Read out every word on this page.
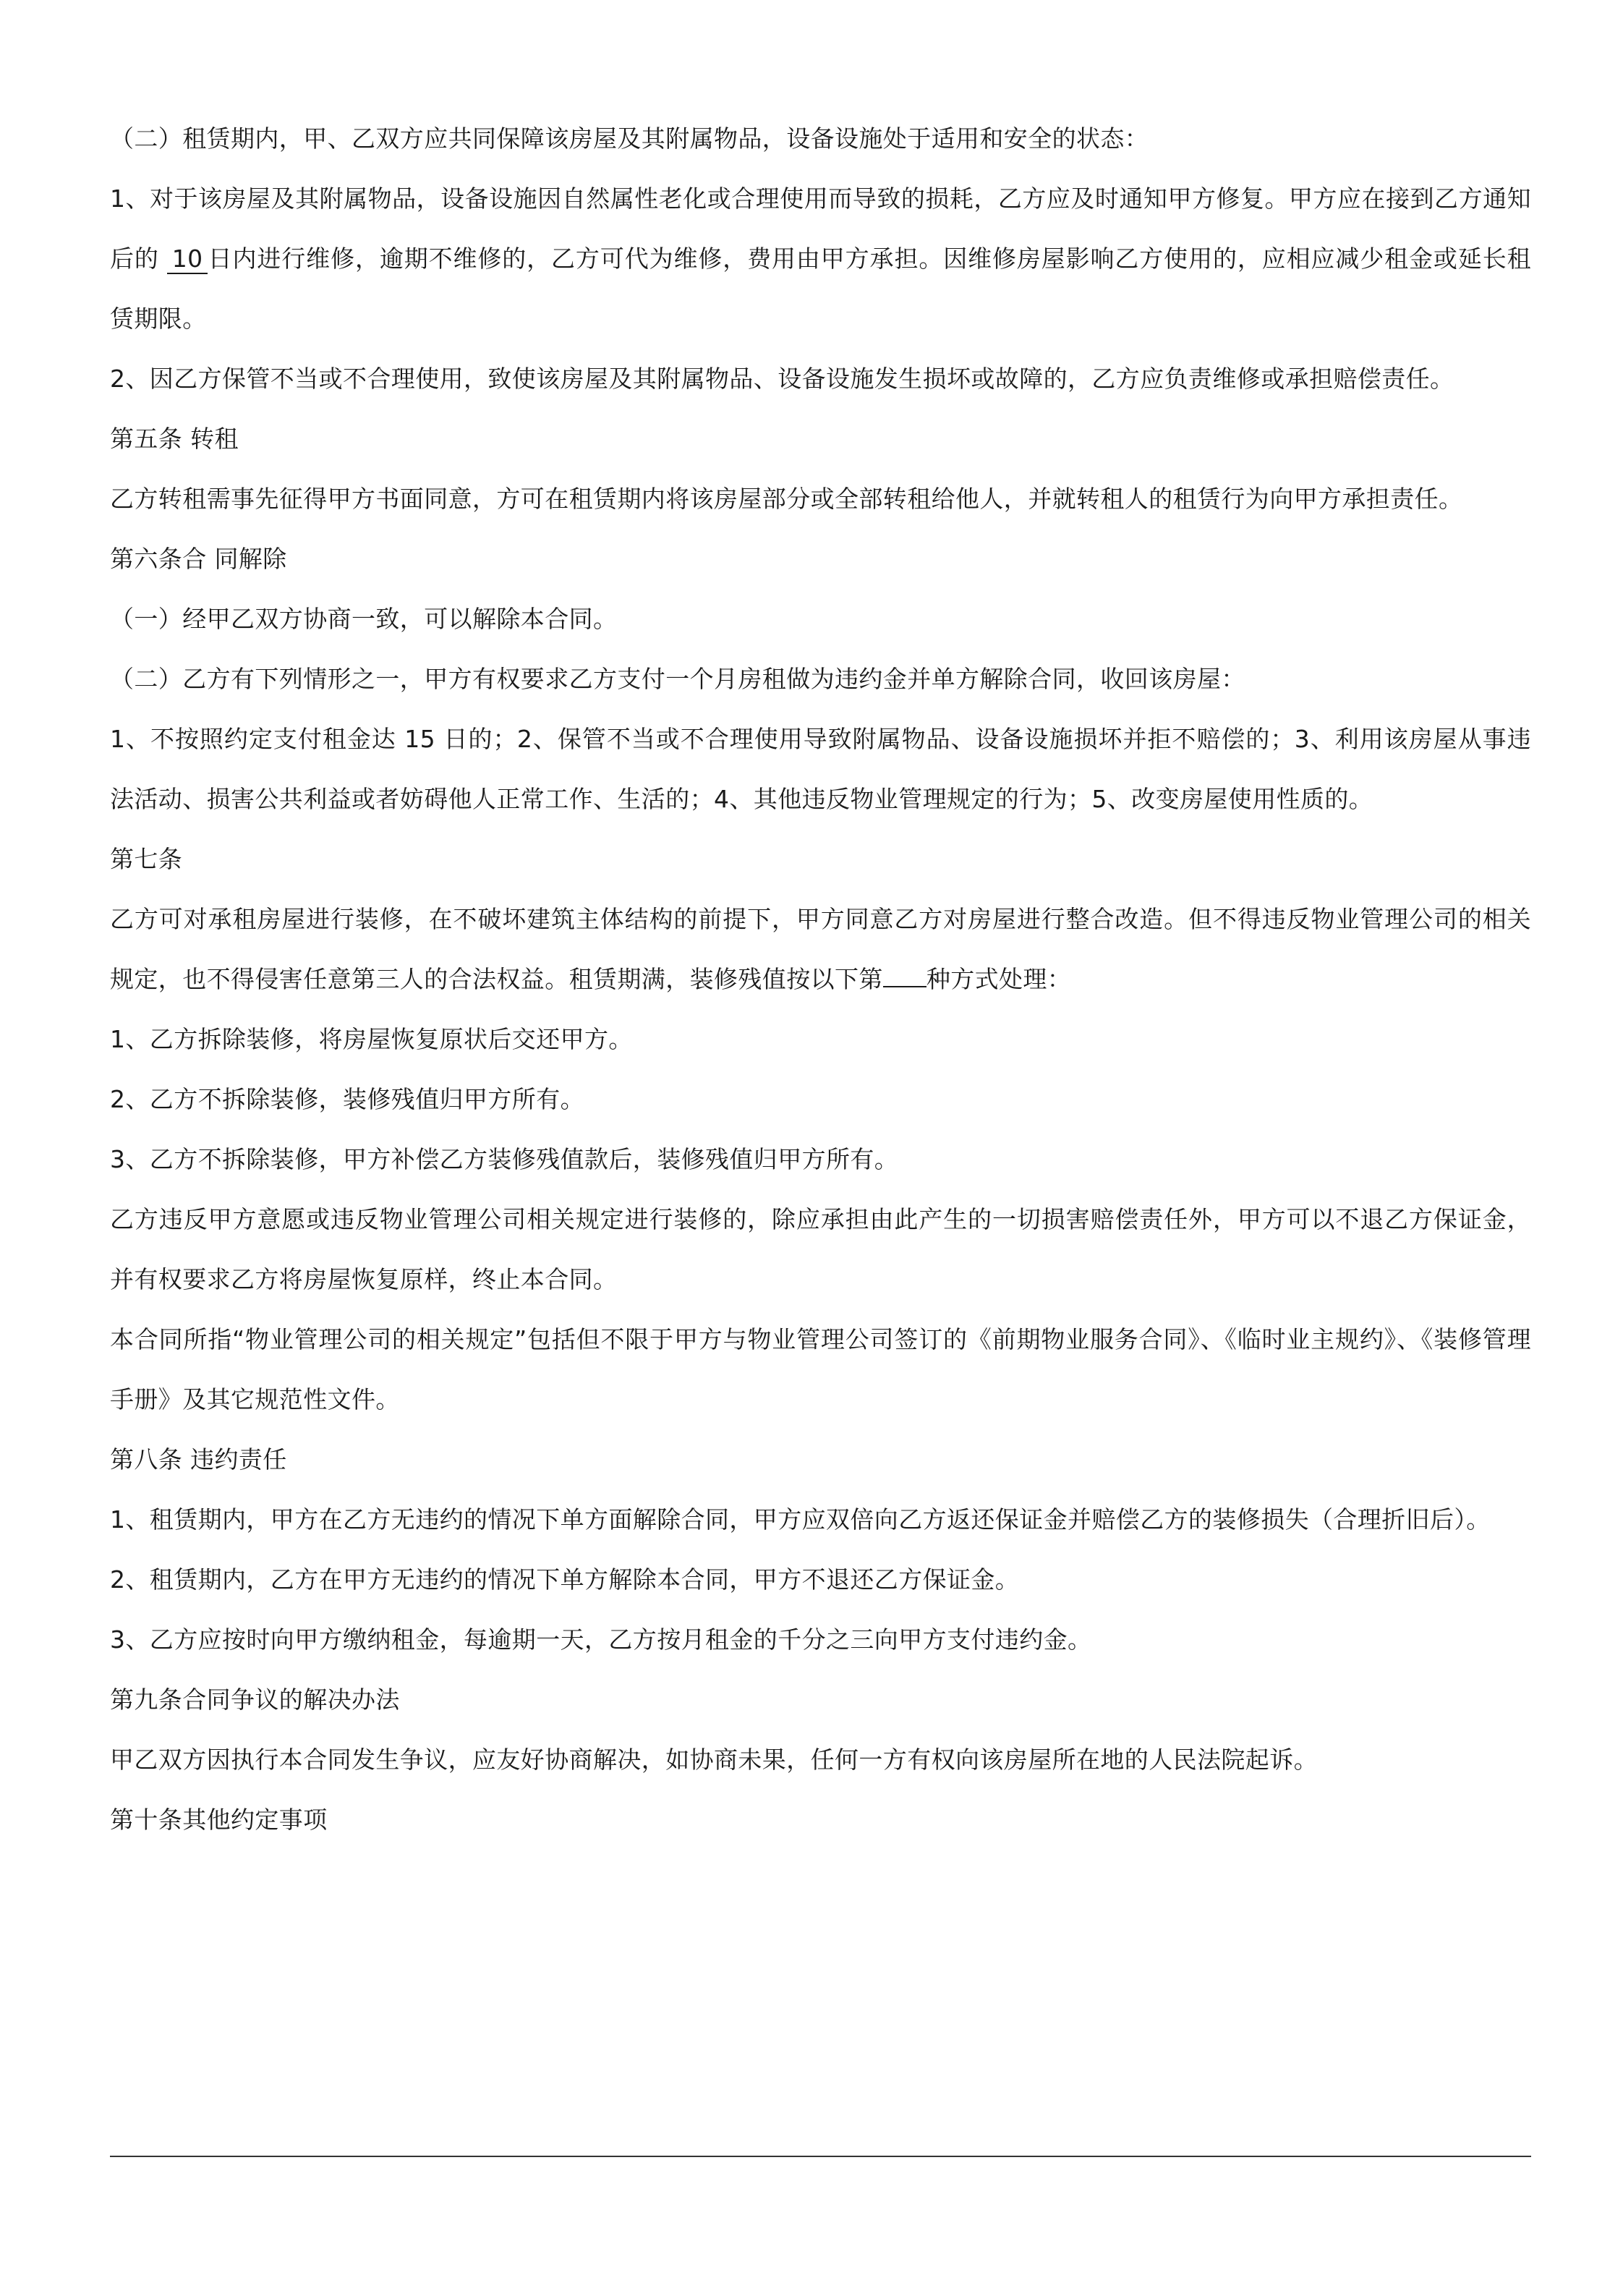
（二）租赁期内，甲、乙双方应共同保障该房屋及其附属物品，设备设施处于适用和安全的状态：

1、对于该房屋及其附属物品，设备设施因自然属性老化或合理使用而导致的损耗，乙方应及时通知甲方修复。甲方应在接到乙方通知后的 10 日内进行维修，逾期不维修的，乙方可代为维修，费用由甲方承担。因维修房屋影响乙方使用的，应相应减少租金或延长租赁期限。

2、因乙方保管不当或不合理使用，致使该房屋及其附属物品、设备设施发生损坏或故障的，乙方应负责维修或承担赔偿责任。

第五条 转租

乙方转租需事先征得甲方书面同意，方可在租赁期内将该房屋部分或全部转租给他人，并就转租人的租赁行为向甲方承担责任。

第六条合 同解除

（一）经甲乙双方协商一致，可以解除本合同。

（二）乙方有下列情形之一，甲方有权要求乙方支付一个月房租做为违约金并单方解除合同，收回该房屋：

1、不按照约定支付租金达 15 日的；2、保管不当或不合理使用导致附属物品、设备设施损坏并拒不赔偿的；3、利用该房屋从事违法活动、损害公共利益或者妨碍他人正常工作、生活的；4、其他违反物业管理规定的行为；5、改变房屋使用性质的。

第七条

乙方可对承租房屋进行装修，在不破坏建筑主体结构的前提下，甲方同意乙方对房屋进行整合改造。但不得违反物业管理公司的相关规定，也不得侵害任意第三人的合法权益。租赁期满，装修残值按以下第 种方式处理：

1、乙方拆除装修，将房屋恢复原状后交还甲方。

2、乙方不拆除装修，装修残值归甲方所有。

3、乙方不拆除装修，甲方补偿乙方装修残值款后，装修残值归甲方所有。

乙方违反甲方意愿或违反物业管理公司相关规定进行装修的，除应承担由此产生的一切损害赔偿责任外，甲方可以不退乙方保证金，并有权要求乙方将房屋恢复原样，终止本合同。

本合同所指“物业管理公司的相关规定”包括但不限于甲方与物业管理公司签订的《前期物业服务合同》、《临时业主规约》、《装修管理手册》及其它规范性文件。

第八条 违约责任

1、租赁期内，甲方在乙方无违约的情况下单方面解除合同，甲方应双倍向乙方返还保证金并赔偿乙方的装修损失（合理折旧后）。

2、租赁期内，乙方在甲方无违约的情况下单方解除本合同，甲方不退还乙方保证金。

3、乙方应按时向甲方缴纳租金，每逾期一天，乙方按月租金的千分之三向甲方支付违约金。

第九条合同争议的解决办法

甲乙双方因执行本合同发生争议，应友好协商解决，如协商未果，任何一方有权向该房屋所在地的人民法院起诉。

第十条其他约定事项
